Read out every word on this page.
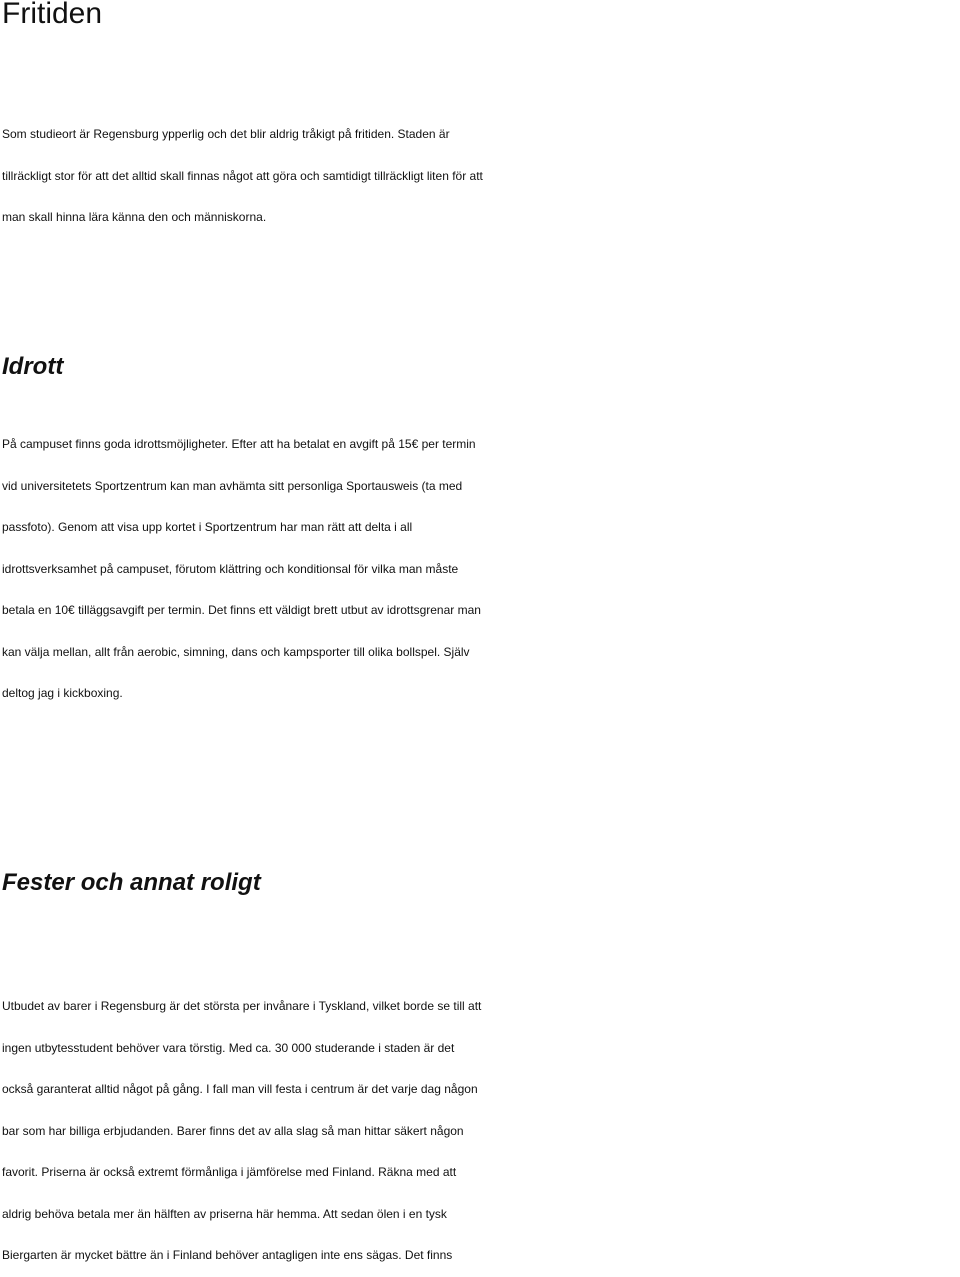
Fritiden

Som studieort är Regensburg ypperlig och det blir aldrig tråkigt på fritiden. Staden är
tillräckligt stor för att det alltid skall finnas något att göra och samtidigt tillräckligt liten för att
man skall hinna lära känna den och människorna.

Idrott

På campuset finns goda idrottsmöjligheter. Efter att ha betalat en avgift på 15€ per termin
vid universitetets Sportzentrum kan man avhämta sitt personliga Sportausweis (ta med
passfoto). Genom att visa upp kortet i Sportzentrum har man rätt att delta i all
idrottsverksamhet på campuset, förutom klättring och konditionsal för vilka man måste
betala en 10€ tilläggsavgift per termin. Det finns ett väldigt brett utbut av idrottsgrenar man
kan välja mellan, allt från aerobic, simning, dans och kampsporter till olika bollspel. Själv
deltog jag i kickboxing.

Fester och annat roligt

Utbudet av barer i Regensburg är det största per invånare i Tyskland, vilket borde se till att
ingen utbytesstudent behöver vara törstig. Med ca. 30 000 studerande i staden är det
också garanterat alltid något på gång. I fall man vill festa i centrum är det varje dag någon
bar som har billiga erbjudanden. Barer finns det av alla slag så man hittar säkert någon
favorit. Priserna är också extremt förmånliga i jämförelse med Finland. Räkna med att
aldrig behöva betala mer än hälften av priserna här hemma. Att sedan ölen i en tysk
Biergarten är mycket bättre än i Finland behöver antagligen inte ens sägas. Det finns
